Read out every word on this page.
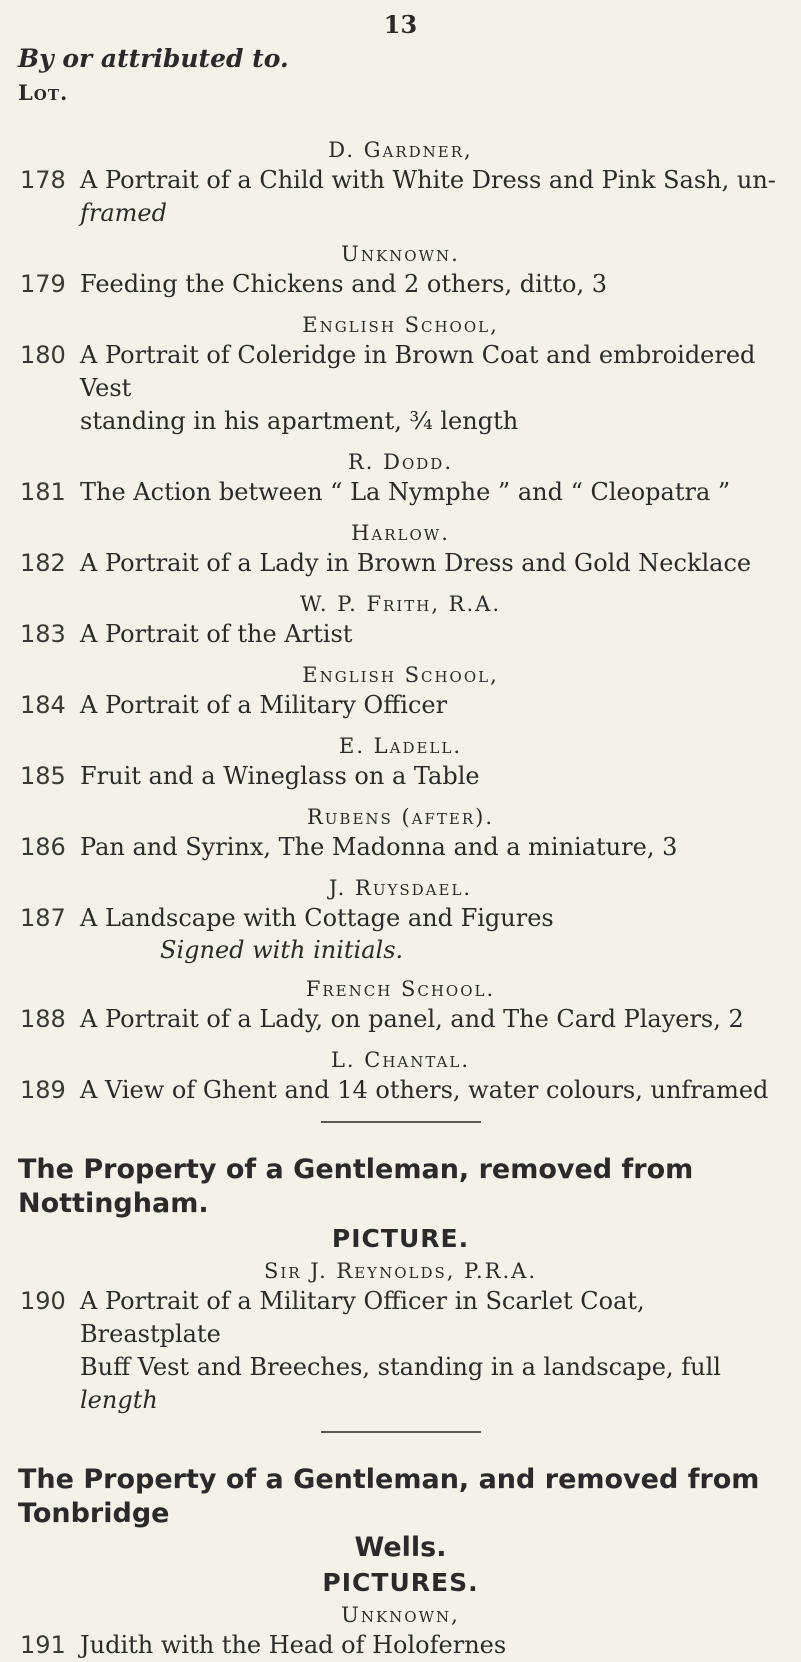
13
By or attributed to.
Lot.
D. Gardner,
178 A Portrait of a Child with White Dress and Pink Sash, un-
framed
Unknown.
179 Feeding the Chickens and 2 others, ditto, 3
English School,
180 A Portrait of Coleridge in Brown Coat and embroidered Vest
standing in his apartment, ¾ length
R. Dodd.
181 The Action between “ La Nymphe ” and “ Cleopatra ”
Harlow.
182 A Portrait of a Lady in Brown Dress and Gold Necklace
W. P. Frith, R.A.
183 A Portrait of the Artist
English School,
184 A Portrait of a Military Officer
E. Ladell.
185 Fruit and a Wineglass on a Table
Rubens (after).
186 Pan and Syrinx, The Madonna and a miniature, 3
J. Ruysdael.
187 A Landscape with Cottage and Figures
Signed with initials.
French School.
188 A Portrait of a Lady, on panel, and The Card Players, 2
L. Chantal.
189 A View of Ghent and 14 others, water colours, unframed
The Property of a Gentleman, removed from Nottingham.
PICTURE.
Sir J. Reynolds, P.R.A.
190 A Portrait of a Military Officer in Scarlet Coat, Breastplate
Buff Vest and Breeches, standing in a landscape, full
length
The Property of a Gentleman, and removed from Tonbridge
Wells.
PICTURES.
Unknown,
191 Judith with the Head of Holofernes
